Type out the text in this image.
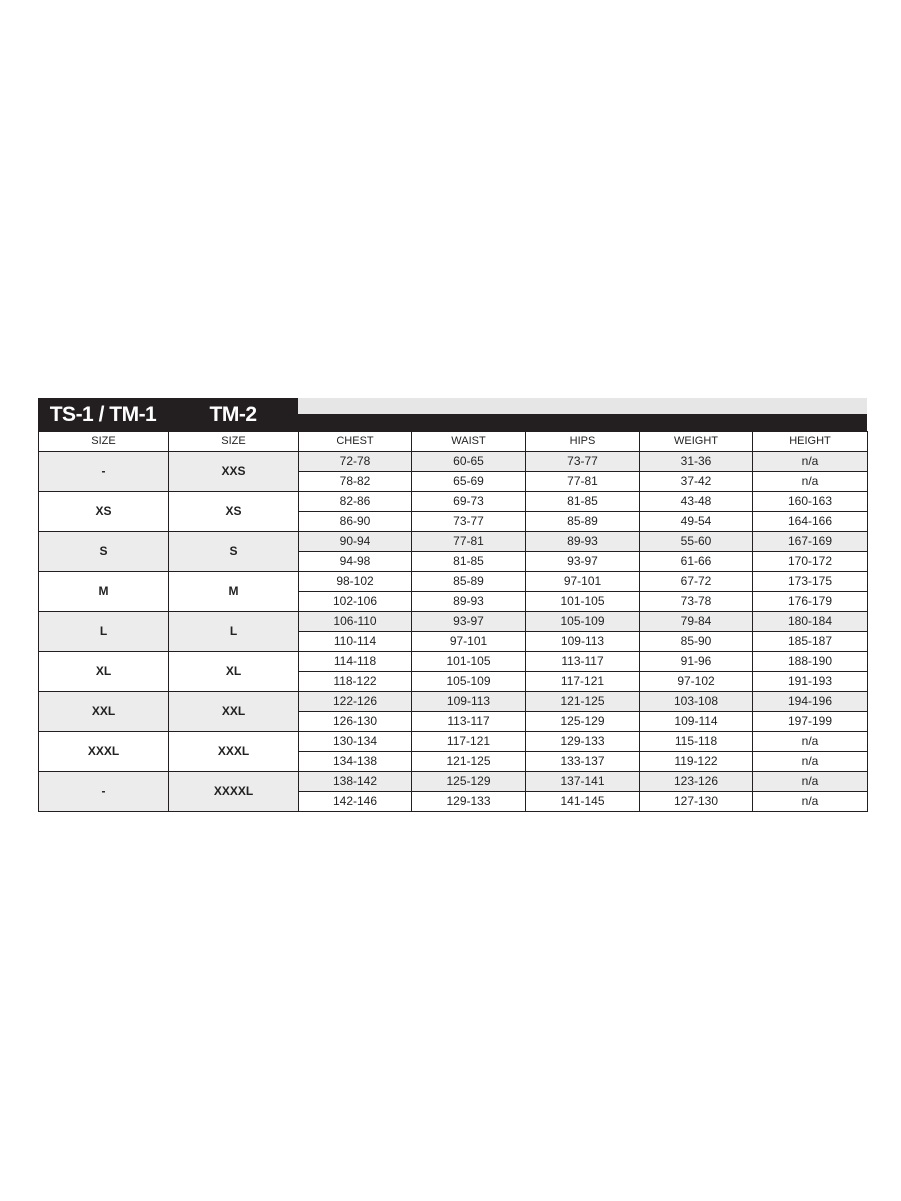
TS-1 / TM-1	TM-2
SIZE	SIZE	CHEST	WAIST	HIPS	WEIGHT	HEIGHT
-	XXS	72-78	60-65	73-77	31-36	n/a
		78-82	65-69	77-81	37-42	n/a
XS	XS	82-86	69-73	81-85	43-48	160-163
		86-90	73-77	85-89	49-54	164-166
S	S	90-94	77-81	89-93	55-60	167-169
		94-98	81-85	93-97	61-66	170-172
M	M	98-102	85-89	97-101	67-72	173-175
		102-106	89-93	101-105	73-78	176-179
L	L	106-110	93-97	105-109	79-84	180-184
		110-114	97-101	109-113	85-90	185-187
XL	XL	114-118	101-105	113-117	91-96	188-190
		118-122	105-109	117-121	97-102	191-193
XXL	XXL	122-126	109-113	121-125	103-108	194-196
		126-130	113-117	125-129	109-114	197-199
XXXL	XXXL	130-134	117-121	129-133	115-118	n/a
		134-138	121-125	133-137	119-122	n/a
-	XXXXL	138-142	125-129	137-141	123-126	n/a
		142-146	129-133	141-145	127-130	n/a
